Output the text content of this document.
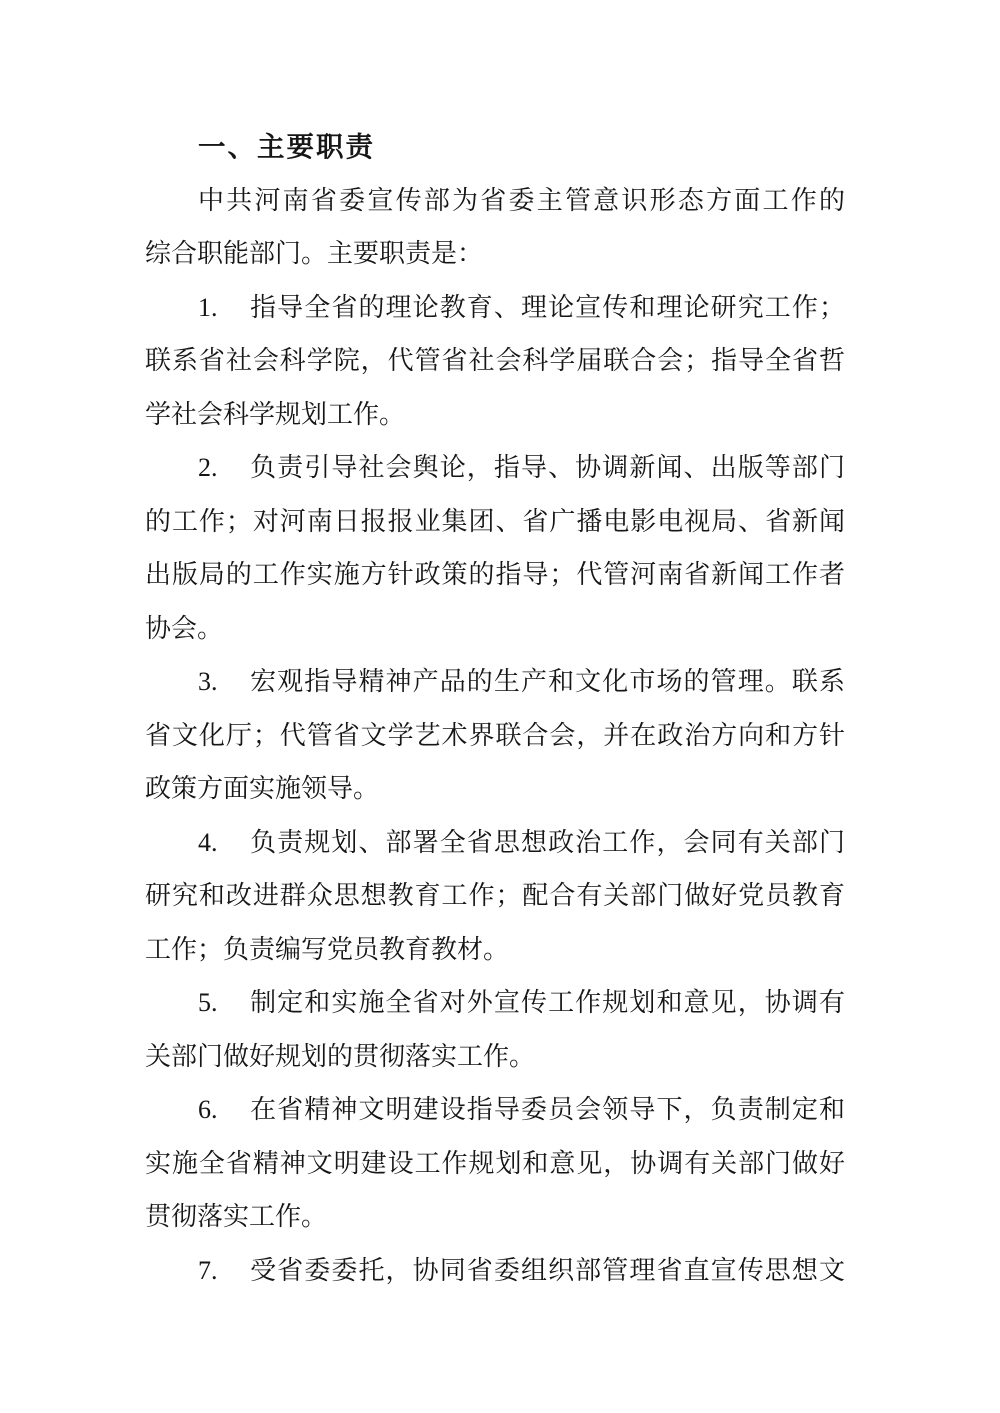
一、主要职责
中共河南省委宣传部为省委主管意识形态方面工作的
综合职能部门。主要职责是：
1. 指导全省的理论教育、理论宣传和理论研究工作；
联系省社会科学院，代管省社会科学届联合会；指导全省哲
学社会科学规划工作。
2. 负责引导社会舆论，指导、协调新闻、出版等部门
的工作；对河南日报报业集团、省广播电影电视局、省新闻
出版局的工作实施方针政策的指导；代管河南省新闻工作者
协会。
3. 宏观指导精神产品的生产和文化市场的管理。联系
省文化厅；代管省文学艺术界联合会，并在政治方向和方针
政策方面实施领导。
4. 负责规划、部署全省思想政治工作，会同有关部门
研究和改进群众思想教育工作；配合有关部门做好党员教育
工作；负责编写党员教育教材。
5. 制定和实施全省对外宣传工作规划和意见，协调有
关部门做好规划的贯彻落实工作。
6. 在省精神文明建设指导委员会领导下，负责制定和
实施全省精神文明建设工作规划和意见，协调有关部门做好
贯彻落实工作。
7. 受省委委托，协同省委组织部管理省直宣传思想文
